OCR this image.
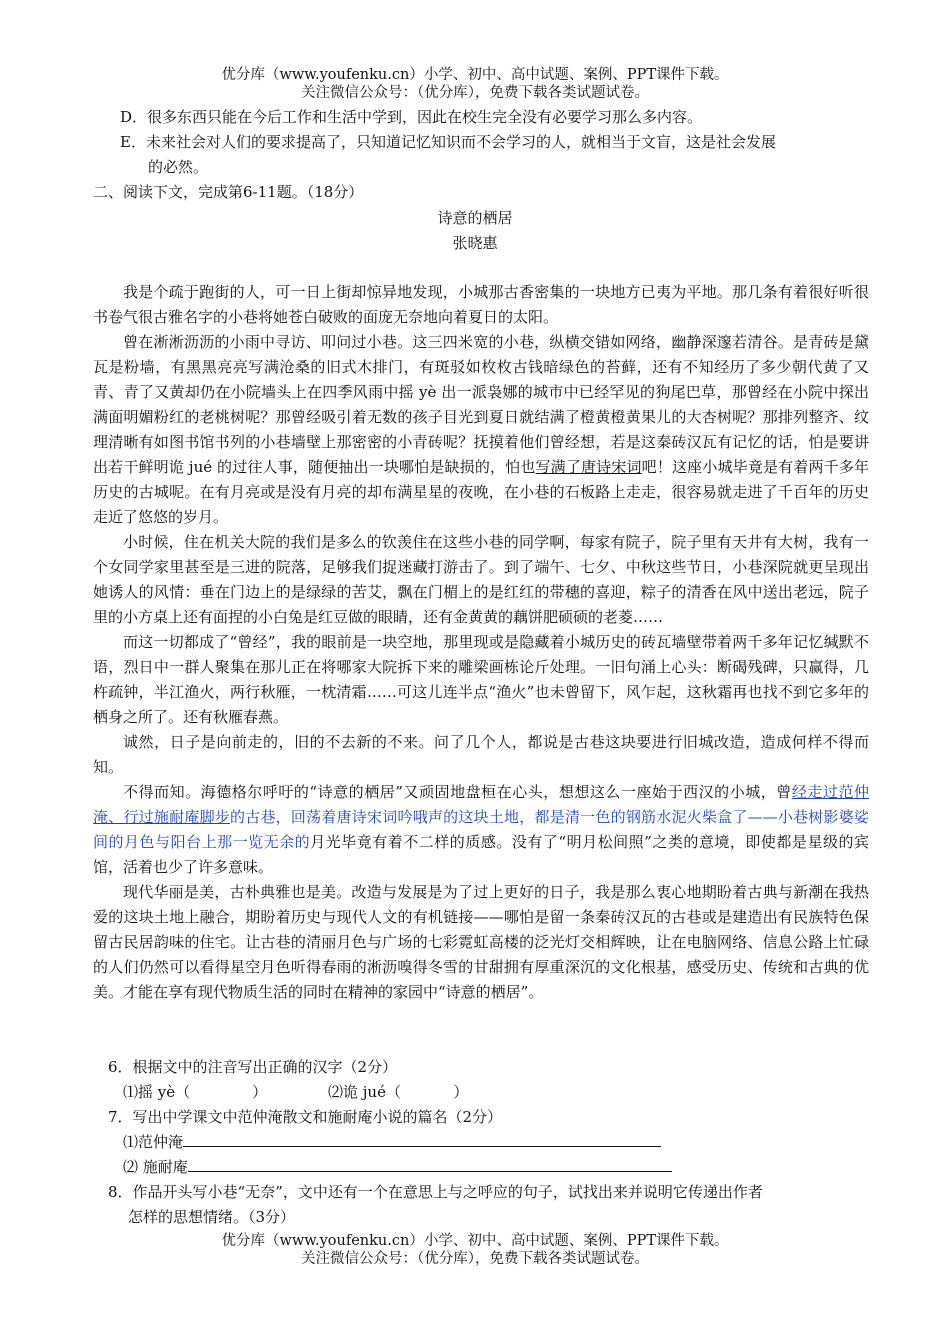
优分库（www.youfenku.cn）小学、初中、高中试题、案例、PPT课件下载。
关注微信公众号：（优分库），免费下载各类试题试卷。
D．很多东西只能在今后工作和生活中学到，因此在校生完全没有必要学习那么多内容。
E．未来社会对人们的要求提高了，只知道记忆知识而不会学习的人，就相当于文盲，这是社会发展
的必然。
二、阅读下文，完成第6-11题。（18分）
诗意的栖居
张晓惠

我是个疏于跑街的人，可一日上街却惊异地发现，小城那古香密集的一块地方已夷为平地。那几条有着很好听很书卷气很古雅名字的小巷将她苍白破败的面庞无奈地向着夏日的太阳。

曾在淅淅沥沥的小雨中寻访、叩问过小巷。这三四米宽的小巷，纵横交错如网络，幽静深邃若清谷。是青砖是黛瓦是粉墙，有黑黑亮亮写满沧桑的旧式木排门，有斑驳如枚枚古钱暗绿色的苔藓，还有不知经历了多少朝代黄了又青、青了又黄却仍在小院墙头上在四季风雨中摇 yè 出一派袅娜的城市中已经罕见的狗尾巴草，那曾经在小院中探出满面明媚粉红的老桃树呢？那曾经吸引着无数的孩子目光到夏日就结满了橙黄橙黄果儿的大杏树呢？那排列整齐、纹理清晰有如图书馆书列的小巷墙壁上那密密的小青砖呢？抚摸着他们曾经想，若是这秦砖汉瓦有记忆的话，怕是要讲出若干鲜明诡 jué 的过往人事，随便抽出一块哪怕是缺损的，怕也写满了唐诗宋词吧！这座小城毕竟是有着两千多年历史的古城呢。在有月亮或是没有月亮的却布满星星的夜晚，在小巷的石板路上走走，很容易就走进了千百年的历史走近了悠悠的岁月。

小时候，住在机关大院的我们是多么的钦羡住在这些小巷的同学啊，每家有院子，院子里有天井有大树，我有一个女同学家里甚至是三进的院落，足够我们捉迷藏打游击了。到了端午、七夕、中秋这些节日，小巷深院就更呈现出她诱人的风情：垂在门边上的是绿绿的苦艾，飘在门楣上的是红红的带穗的喜迎，粽子的清香在风中送出老远，院子里的小方桌上还有面捏的小白兔是红豆做的眼睛，还有金黄黄的藕饼肥硕硕的老菱……

而这一切都成了“曾经”，我的眼前是一块空地，那里现或是隐藏着小城历史的砖瓦墙壁带着两千多年记忆缄默不语，烈日中一群人聚集在那儿正在将哪家大院拆下来的雕梁画栋论斤处理。一旧句涌上心头：断碣残碑，只赢得，几杵疏钟，半江渔火，两行秋雁，一枕清霜……可这儿连半点“渔火”也未曾留下，风乍起，这秋霜再也找不到它多年的栖身之所了。还有秋雁春燕。

诚然，日子是向前走的，旧的不去新的不来。问了几个人，都说是古巷这块要进行旧城改造，造成何样不得而知。

不得而知。海德格尔呼吁的“诗意的栖居”又顽固地盘桓在心头，想想这么一座始于西汉的小城，曾经走过范仲淹、行过施耐庵脚步的古巷，回荡着唐诗宋词吟哦声的这块土地，都是清一色的钢筋水泥火柴盒了——小巷树影婆娑间的月色与阳台上那一览无余的月光毕竟有着不二样的质感。没有了“明月松间照”之类的意境，即使都是星级的宾馆，活着也少了许多意味。

现代华丽是美，古朴典雅也是美。改造与发展是为了过上更好的日子，我是那么衷心地期盼着古典与新潮在我热爱的这块土地上融合，期盼着历史与现代人文的有机链接——哪怕是留一条秦砖汉瓦的古巷或是建造出有民族特色保留古民居韵味的住宅。让古巷的清丽月色与广场的七彩霓虹高楼的泛光灯交相辉映，让在电脑网络、信息公路上忙碌的人们仍然可以看得星空月色听得春雨的淅沥嗅得冬雪的甘甜拥有厚重深沉的文化根基，感受历史、传统和古典的优美。才能在享有现代物质生活的同时在精神的家园中“诗意的栖居”。

6．根据文中的注音写出正确的汉字（2分）
⑴摇 yè（             ）	⑵诡 jué（           ）
7．写出中学课文中范仲淹散文和施耐庵小说的篇名（2分）
⑴范仲淹
⑵ 施耐庵
8．作品开头写小巷“无奈”，文中还有一个在意思上与之呼应的句子，试找出来并说明它传递出作者
怎样的思想情绪。（3分）
优分库（www.youfenku.cn）小学、初中、高中试题、案例、PPT课件下载。
关注微信公众号：（优分库），免费下载各类试题试卷。
